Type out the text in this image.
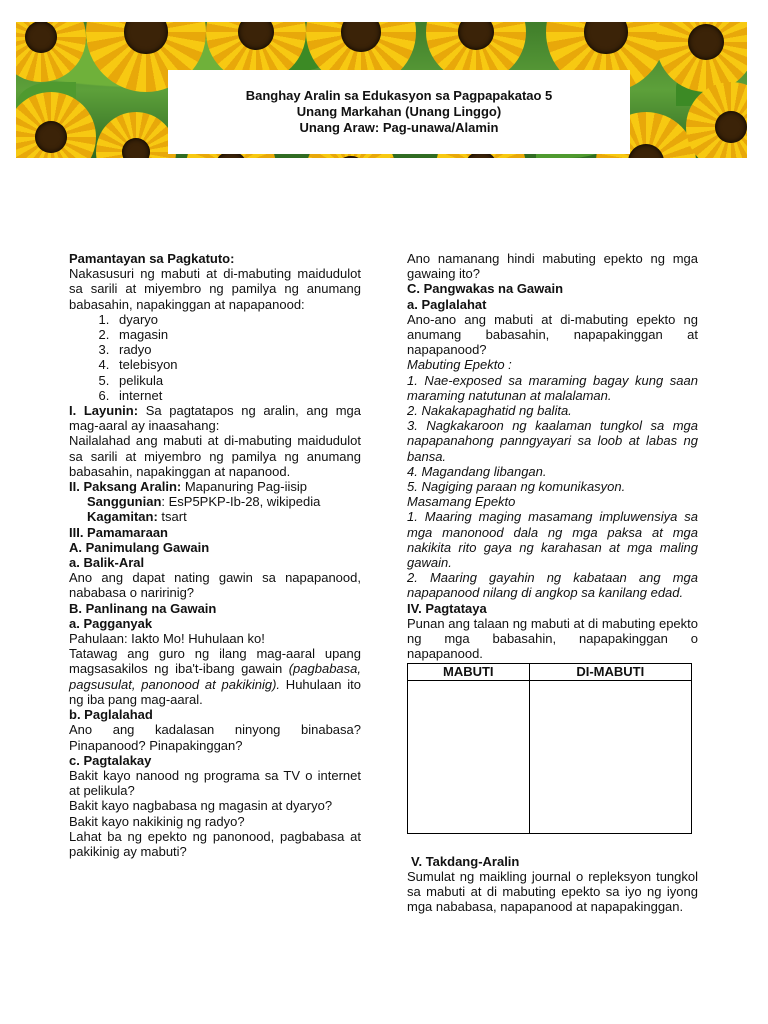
Banghay Aralin sa Edukasyon sa Pagpapakatao 5
Unang Markahan (Unang Linggo)
Unang Araw: Pag-unawa/Alamin

Pamantayan sa Pagkatuto:

Nakasusuri ng mabuti at di-mabuting maidudulot sa sarili at miyembro ng pamilya ng anumang babasahin, napakinggan at napapanood:

1. dyaryo
2. magasin
3. radyo
4. telebisyon
5. pelikula
6. internet

I. Layunin: Sa pagtatapos ng aralin, ang mga mag-aaral ay inaasahang:

Nailalahad ang mabuti at di-mabuting maidudulot sa sarili at miyembro ng pamilya ng anumang babasahin, napakinggan at napanood.

II. Paksang Aralin: Mapanuring Pag-iisip

Sanggunian: EsP5PKP-Ib-28, wikipedia

Kagamitan: tsart

III. Pamamaraan

A. Panimulang Gawain

a. Balik-Aral

Ano ang dapat nating gawin sa napapanood, nababasa o naririnig?

B. Panlinang na Gawain

a. Pagganyak

Pahulaan: Iakto Mo! Huhulaan ko!

Tatawag ang guro ng ilang mag-aaral upang magsasakilos ng iba't-ibang gawain (pagbabasa, pagsusulat, panonood at pakikinig). Huhulaan ito ng iba pang mag-aaral.

b. Paglalahad

Ano ang kadalasan ninyong binabasa? Pinapanood? Pinapakinggan?

c. Pagtalakay

Bakit kayo nanood ng programa sa TV o internet at pelikula?

Bakit kayo nagbabasa ng magasin at dyaryo?

Bakit kayo nakikinig ng radyo?

Lahat ba ng epekto ng panonood, pagbabasa at pakikinig ay mabuti?

Ano namanang hindi mabuting epekto ng mga gawaing ito?

C. Pangwakas na Gawain

a. Paglalahat

Ano-ano ang mabuti at di-mabuting epekto ng anumang babasahin, napapakinggan at napapanood?

Mabuting Epekto :

1. Nae-exposed sa maraming bagay kung saan maraming natutunan at malalaman.

2. Nakakapaghatid ng balita.

3. Nagkakaroon ng kaalaman tungkol sa mga napapanahong panngyayari sa loob at labas ng bansa.

4. Magandang libangan.

5. Nagiging paraan ng komunikasyon.

Masamang Epekto

1. Maaring maging masamang impluwensiya sa mga manonood dala ng mga paksa at mga nakikita rito gaya ng karahasan at mga maling gawain.

2. Maaring gayahin ng kabataan ang mga napapanood nilang di angkop sa kanilang edad.

IV. Pagtataya

Punan ang talaan ng mabuti at di mabuting epekto ng mga babasahin, napapakinggan o napapanood.

MABUTI	DI-MABUTI

V. Takdang-Aralin

Sumulat ng maikling journal o repleksyon tungkol sa mabuti at di mabuting epekto sa iyo ng iyong mga nababasa, napapanood at napapakinggan.
